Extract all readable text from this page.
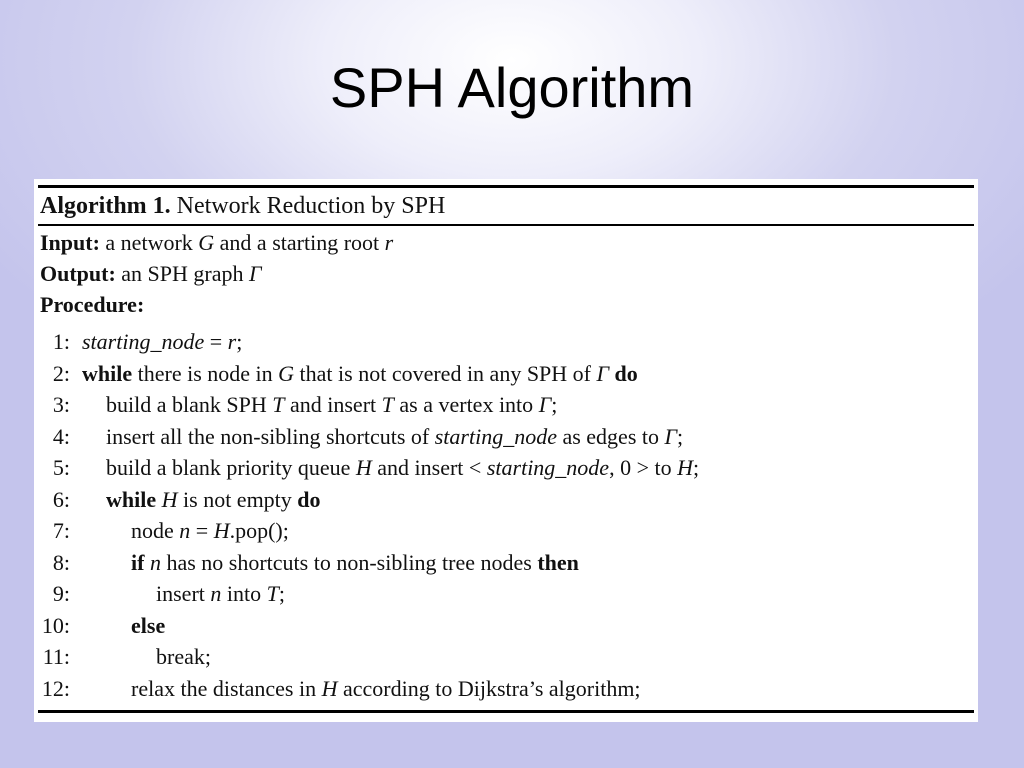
SPH Algorithm
Algorithm 1. Network Reduction by SPH
Input: a network G and a starting root r
Output: an SPH graph Γ
Procedure:
1: starting_node = r;
2: while there is node in G that is not covered in any SPH of Γ do
3: build a blank SPH T and insert T as a vertex into Γ;
4: insert all the non-sibling shortcuts of starting_node as edges to Γ;
5: build a blank priority queue H and insert < starting_node, 0 > to H;
6: while H is not empty do
7:	node n = H.pop();
8:	if n has no shortcuts to non-sibling tree nodes then
9:	insert n into T;
10:	else
11:	break;
12:	relax the distances in H according to Dijkstra’s algorithm;
